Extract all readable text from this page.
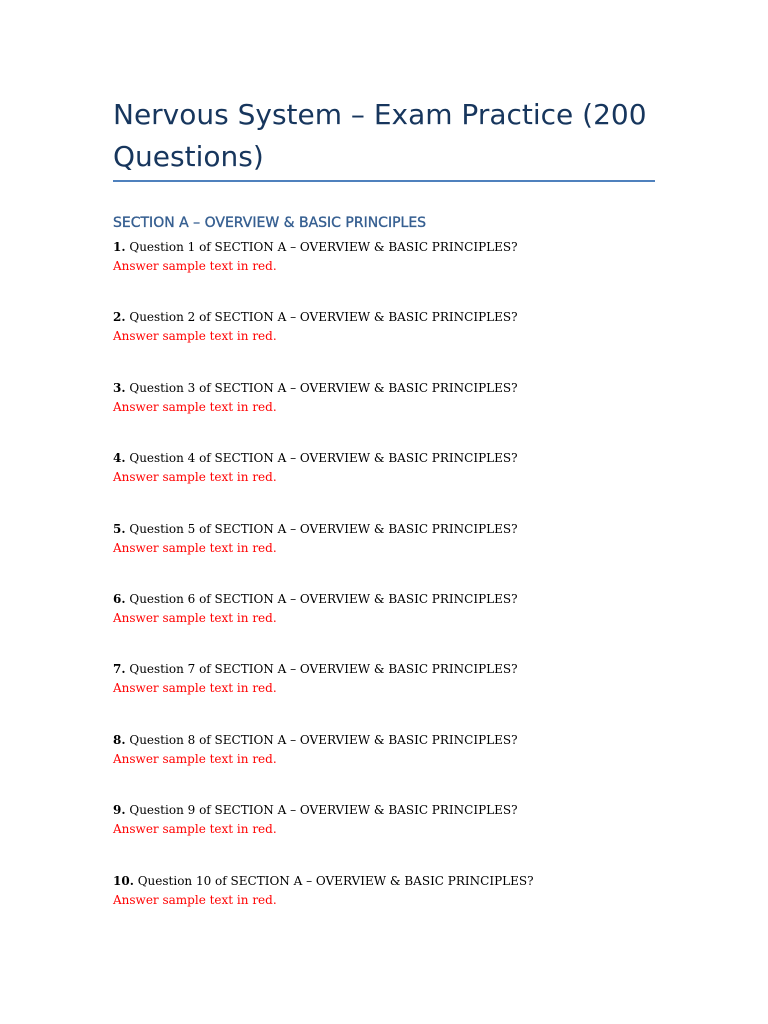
Nervous System – Exam Practice (200 Questions)
SECTION A – OVERVIEW & BASIC PRINCIPLES
1. Question 1 of SECTION A – OVERVIEW & BASIC PRINCIPLES?
Answer sample text in red.
2. Question 2 of SECTION A – OVERVIEW & BASIC PRINCIPLES?
Answer sample text in red.
3. Question 3 of SECTION A – OVERVIEW & BASIC PRINCIPLES?
Answer sample text in red.
4. Question 4 of SECTION A – OVERVIEW & BASIC PRINCIPLES?
Answer sample text in red.
5. Question 5 of SECTION A – OVERVIEW & BASIC PRINCIPLES?
Answer sample text in red.
6. Question 6 of SECTION A – OVERVIEW & BASIC PRINCIPLES?
Answer sample text in red.
7. Question 7 of SECTION A – OVERVIEW & BASIC PRINCIPLES?
Answer sample text in red.
8. Question 8 of SECTION A – OVERVIEW & BASIC PRINCIPLES?
Answer sample text in red.
9. Question 9 of SECTION A – OVERVIEW & BASIC PRINCIPLES?
Answer sample text in red.
10. Question 10 of SECTION A – OVERVIEW & BASIC PRINCIPLES?
Answer sample text in red.
